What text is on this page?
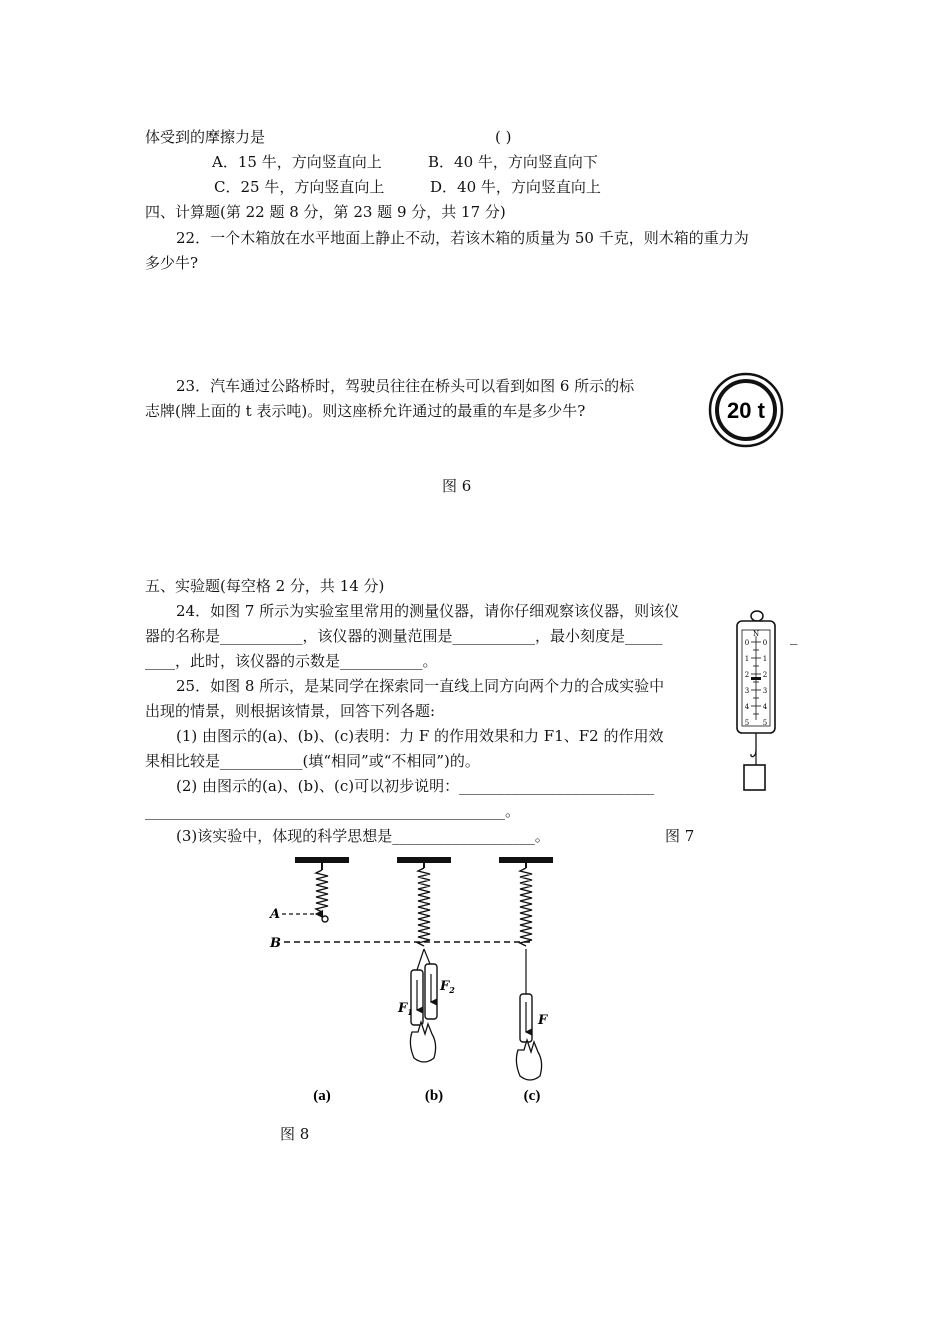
体受到的摩擦力是	( )
A．15 牛，方向竖直向上	B．40 牛，方向竖直向下
C．25 牛，方向竖直向上	D．40 牛，方向竖直向上
四、计算题(第 22 题 8 分，第 23 题 9 分，共 17 分)
22．一个木箱放在水平地面上静止不动，若该木箱的质量为 50 千克，则木箱的重力为
多少牛?
23．汽车通过公路桥时，驾驶员往往在桥头可以看到如图 6 所示的标
志牌(牌上面的 t 表示吨)。则这座桥允许通过的最重的车是多少牛?	20 t
图 6
五、实验题(每空格 2 分，共 14 分)
24．如图 7 所示为实验室里常用的测量仪器，请你仔细观察该仪器，则该仪
器的名称是___________，该仪器的测量范围是___________，最小刻度是_____	_
____，此时，该仪器的示数是___________。
25．如图 8 所示，是某同学在探索同一直线上同方向两个力的合成实验中
出现的情景，则根据该情景，回答下列各题:
(1) 由图示的(a)、(b)、(c)表明：力 F 的作用效果和力 F1、F2 的作用效
果相比较是___________(填“相同”或“不相同”)的。
(2) 由图示的(a)、(b)、(c)可以初步说明：__________________________
________________________________________________。
(3)该实验中，体现的科学思想是___________________。	图 7
N
0
1
2
3
4
5
0
1
2
3
4
5
A
B
$F_1$
$F_2$
F
(a)	(b)	(c)
图 8
